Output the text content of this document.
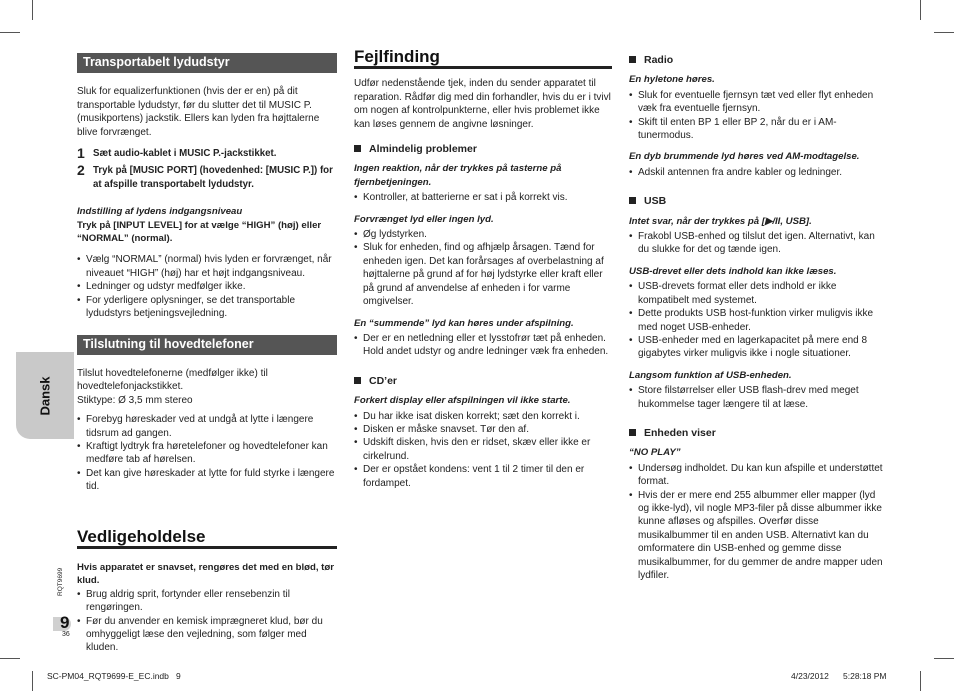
Dansk
Transportabelt lydudstyr

Sluk for equalizerfunktionen (hvis der er en) på dit transportable lydudstyr, før du slutter det til MUSIC P. (musikportens) jackstik. Ellers kan lyden fra højttalerne blive forvrænget.

1 Sæt audio-kablet i MUSIC P.-jackstikket.
2 Tryk på [MUSIC PORT] (hovedenhed: [MUSIC P.]) for at afspille transportabelt lydudstyr.
Indstilling af lydens indgangsniveau

Tryk på [INPUT LEVEL] for at vælge “HIGH” (høj) eller “NORMAL” (normal).

• Vælg “NORMAL” (normal) hvis lyden er forvrænget, når niveauet “HIGH” (høj) har et højt indgangsniveau.
• Ledninger og udstyr medfølger ikke.
• For yderligere oplysninger, se det transportable lydudstyrs betjeningsvejledning.
Tilslutning til hovedtelefoner

Tilslut hovedtelefonerne (medfølger ikke) til hovedtelefonjackstikket.
Stiktype: Ø 3,5 mm stereo

• Forebyg høreskader ved at undgå at lytte i længere tidsrum ad gangen.
• Kraftigt lydtryk fra høretelefoner og hovedtelefoner kan medføre tab af hørelsen.
• Det kan give høreskader at lytte for fuld styrke i længere tid.
Vedligeholdelse

Hvis apparatet er snavset, rengøres det med en blød, tør klud.

• Brug aldrig sprit, fortynder eller rensebenzin til rengøringen.
• Før du anvender en kemisk imprægneret klud, bør du omhyggeligt læse den vejledning, som følger med kluden.
Fejlfinding

Udfør nedenstående tjek, inden du sender apparatet til reparation. Rådfør dig med din forhandler, hvis du er i tvivl om nogen af kontrolpunkterne, eller hvis problemet ikke kan løses gennem de angivne løsninger.

Almindelig problemer
Ingen reaktion, når der trykkes på tasterne på fjernbetjeningen.
• Kontroller, at batterierne er sat i på korrekt vis.
Forvrænget lyd eller ingen lyd.
• Øg lydstyrken.
• Sluk for enheden, find og afhjælp årsagen. Tænd for enheden igen. Det kan forårsages af overbelastning af højttalerne på grund af for høj lydstyrke eller kraft eller på grund af anvendelse af enheden i for varme omgivelser.
En “summende” lyd kan høres under afspilning.
• Der er en netledning eller et lysstofrør tæt på enheden. Hold andet udstyr og andre ledninger væk fra enheden.
CD’er
Forkert display eller afspilningen vil ikke starte.
• Du har ikke isat disken korrekt; sæt den korrekt i.
• Disken er måske snavset. Tør den af.
• Udskift disken, hvis den er ridset, skæv eller ikke er cirkelrund.
• Der er opstået kondens: vent 1 til 2 timer til den er fordampet.
Radio
En hyletone høres.
• Sluk for eventuelle fjernsyn tæt ved eller flyt enheden væk fra eventuelle fjernsyn.
• Skift til enten BP 1 eller BP 2, når du er i AM-tunermodus.
En dyb brummende lyd høres ved AM-modtagelse.
• Adskil antennen fra andre kabler og ledninger.
USB
Intet svar, når der trykkes på [▶/II, USB].
• Frakobl USB-enhed og tilslut det igen. Alternativt, kan du slukke for det og tænde igen.
USB-drevet eller dets indhold kan ikke læses.
• USB-drevets format eller dets indhold er ikke kompatibelt med systemet.
• Dette produkts USB host-funktion virker muligvis ikke med noget USB-enheder.
• USB-enheder med en lagerkapacitet på mere end 8 gigabytes virker muligvis ikke i nogle situationer.
Langsom funktion af USB-enheden.
• Store filstørrelser eller USB flash-drev med meget hukommelse tager længere til at læse.
Enheden viser
“NO PLAY”
• Undersøg indholdet. Du kan kun afspille et understøttet format.
• Hvis der er mere end 255 albummer eller mapper (lyd og ikke-lyd), vil nogle MP3-filer på disse albummer ikke kunne afløses og afspilles. Overfør disse musikalbummer til en anden USB. Alternativt kan du omformatere din USB-enhed og gemme disse musikalbummer, for du gemmer de andre mapper uden lydfiler.
RQT9699
9
36
SC-PM04_RQT9699-E_EC.indb   9	4/23/2012 5:28:18 PM
